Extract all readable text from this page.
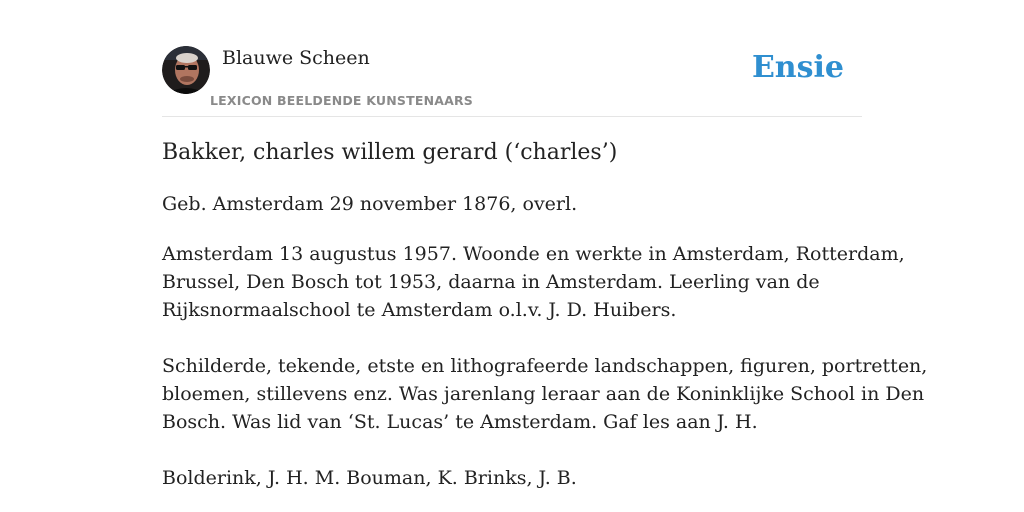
Blauwe Scheen
LEXICON BEELDENDE KUNSTENAARS
Ensie
Bakker, charles willem gerard (‘charles’)
Geb. Amsterdam 29 november 1876, overl.

Amsterdam 13 augustus 1957. Woonde en werkte in Amsterdam, Rotterdam,

Brussel, Den Bosch tot 1953, daarna in Amsterdam. Leerling van de

Rijksnormaalschool te Amsterdam o.l.v. J. D. Huibers.

Schilderde, tekende, etste en lithografeerde landschappen, figuren, portretten,

bloemen, stillevens enz. Was jarenlang leraar aan de Koninklijke School in Den

Bosch. Was lid van ‘St. Lucas’ te Amsterdam. Gaf les aan J. H.

Bolderink, J. H. M. Bouman, K. Brinks, J. B.
